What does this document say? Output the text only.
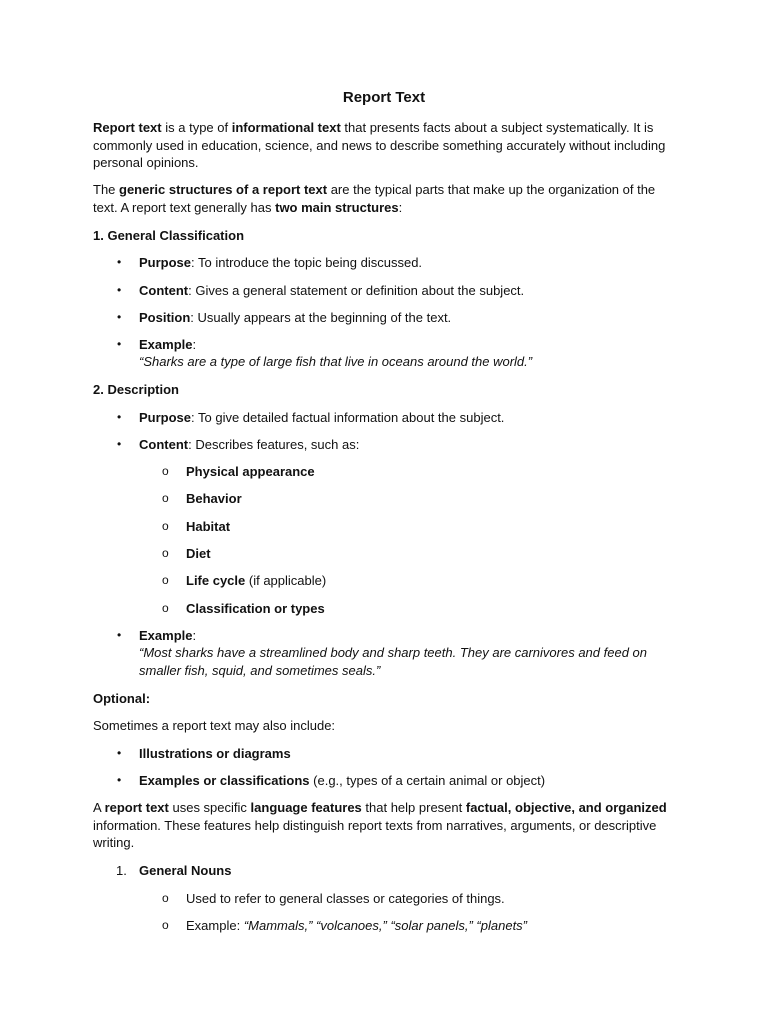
Report Text
Report text is a type of informational text that presents facts about a subject systematically. It is commonly used in education, science, and news to describe something accurately without including personal opinions.
The generic structures of a report text are the typical parts that make up the organization of the text. A report text generally has two main structures:
1. General Classification
• Purpose: To introduce the topic being discussed.
• Content: Gives a general statement or definition about the subject.
• Position: Usually appears at the beginning of the text.
• Example:
“Sharks are a type of large fish that live in oceans around the world.”
2. Description
• Purpose: To give detailed factual information about the subject.
• Content: Describes features, such as:
o Physical appearance
o Behavior
o Habitat
o Diet
o Life cycle (if applicable)
o Classification or types
• Example:
“Most sharks have a streamlined body and sharp teeth. They are carnivores and feed on smaller fish, squid, and sometimes seals.”
Optional:
Sometimes a report text may also include:
• Illustrations or diagrams
• Examples or classifications (e.g., types of a certain animal or object)
A report text uses specific language features that help present factual, objective, and organized information. These features help distinguish report texts from narratives, arguments, or descriptive writing.
1. General Nouns
o Used to refer to general classes or categories of things.
o Example: “Mammals,” “volcanoes,” “solar panels,” “planets”
